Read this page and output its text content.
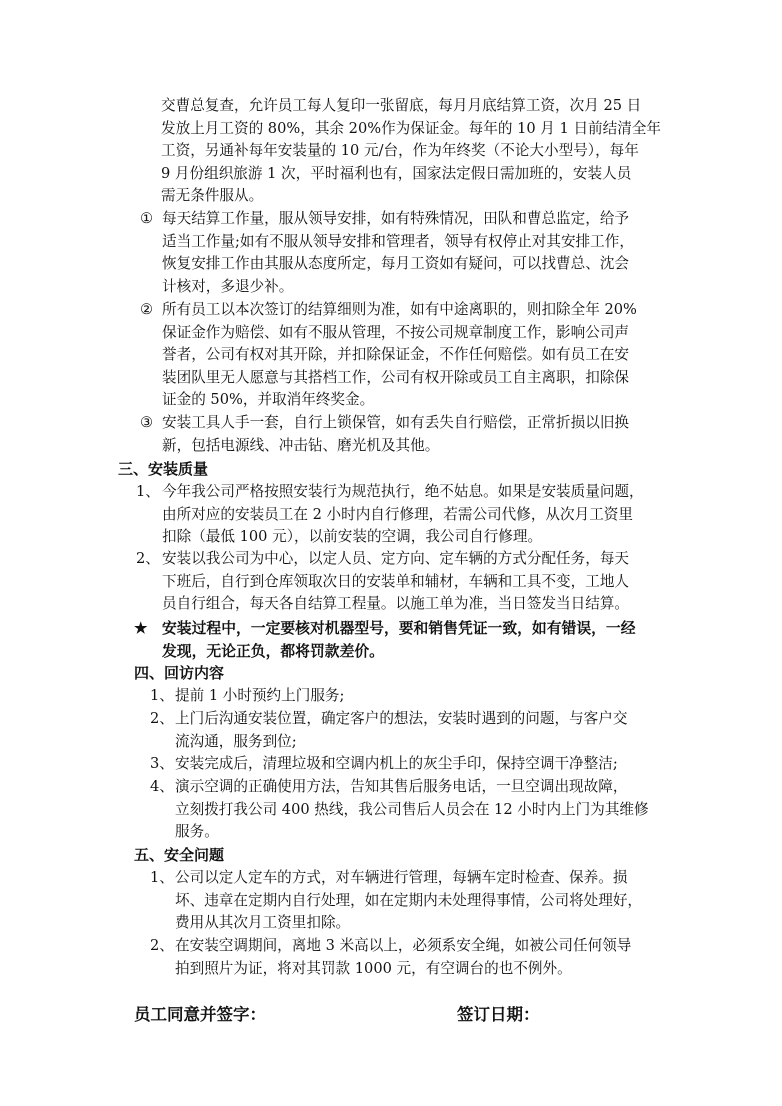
交曹总复查，允许员工每人复印一张留底，每月月底结算工资，次月 25 日
发放上月工资的 80%，其余 20%作为保证金。每年的 10 月 1 日前结清全年
工资，另通补每年安装量的 10 元/台，作为年终奖（不论大小型号），每年
9 月份组织旅游 1 次，平时福利也有，国家法定假日需加班的，安装人员
需无条件服从。
① 每天结算工作量，服从领导安排，如有特殊情况，田队和曹总监定，给予
适当工作量;如有不服从领导安排和管理者，领导有权停止对其安排工作，
恢复安排工作由其服从态度所定，每月工资如有疑问，可以找曹总、沈会
计核对，多退少补。
② 所有员工以本次签订的结算细则为准，如有中途离职的，则扣除全年 20%
保证金作为赔偿、如有不服从管理，不按公司规章制度工作，影响公司声
誉者，公司有权对其开除，并扣除保证金，不作任何赔偿。如有员工在安
装团队里无人愿意与其搭档工作，公司有权开除或员工自主离职，扣除保
证金的 50%，并取消年终奖金。
③ 安装工具人手一套，自行上锁保管，如有丢失自行赔偿，正常折损以旧换
新，包括电源线、冲击钻、磨光机及其他。
三、安装质量
1、 今年我公司严格按照安装行为规范执行，绝不姑息。如果是安装质量问题，
由所对应的安装员工在 2 小时内自行修理，若需公司代修，从次月工资里
扣除（最低 100 元），以前安装的空调，我公司自行修理。
2、 安装以我公司为中心，以定人员、定方向、定车辆的方式分配任务，每天
下班后，自行到仓库领取次日的安装单和辅材，车辆和工具不变，工地人
员自行组合，每天各自结算工程量。以施工单为准，当日签发当日结算。
★ 安装过程中，一定要核对机器型号，要和销售凭证一致，如有错误，一经
发现，无论正负，都将罚款差价。
四、回访内容
1、 提前 1 小时预约上门服务;
2、 上门后沟通安装位置，确定客户的想法，安装时遇到的问题，与客户交
流沟通，服务到位;
3、 安装完成后，清理垃圾和空调内机上的灰尘手印，保持空调干净整洁;
4、 演示空调的正确使用方法，告知其售后服务电话，一旦空调出现故障，
立刻拨打我公司 400 热线，我公司售后人员会在 12 小时内上门为其维修
服务。
五、安全问题
1、 公司以定人定车的方式，对车辆进行管理，每辆车定时检查、保养。损
坏、违章在定期内自行处理，如在定期内未处理得事情，公司将处理好，
费用从其次月工资里扣除。
2、 在安装空调期间，离地 3 米高以上，必须系安全绳，如被公司任何领导
拍到照片为证，将对其罚款 1000 元，有空调台的也不例外。
员工同意并签字：	签订日期：
